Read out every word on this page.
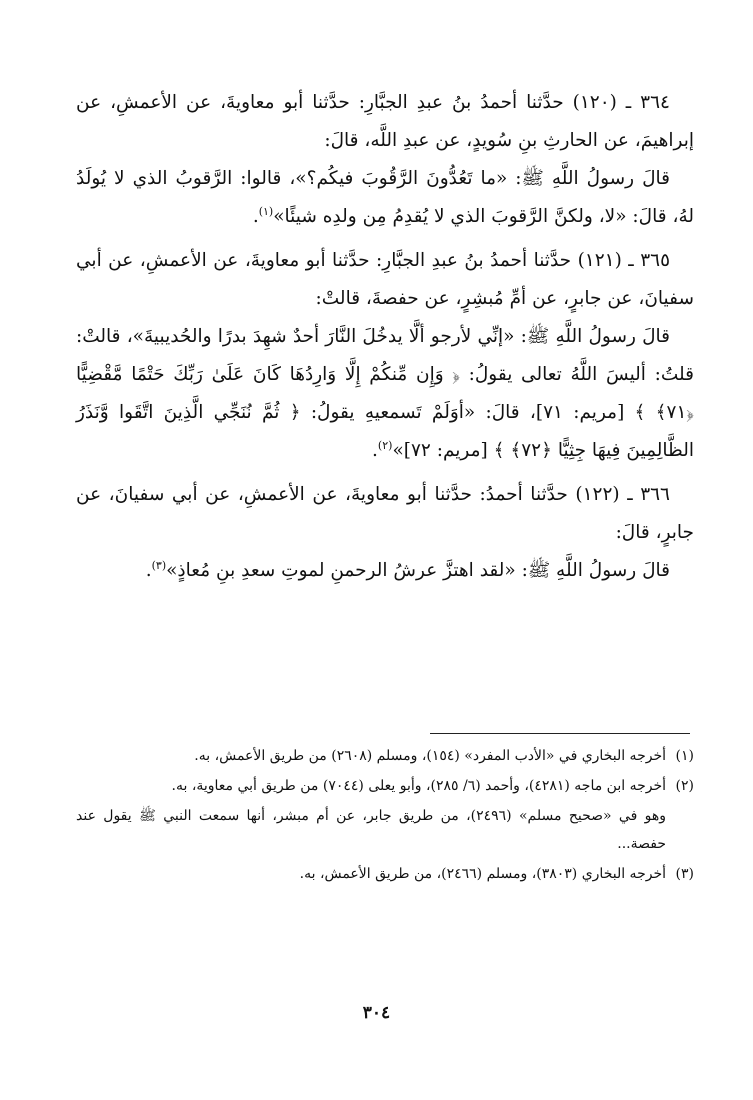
٣٦٤ ـ (١٢٠) حدَّثنا أحمدُ بنُ عبدِ الجبَّارِ: حدَّثنا أبو معاويةَ، عن الأعمشِ، عن إبراهيمَ، عن الحارثِ بنِ سُويدٍ، عن عبدِ اللَّه، قالَ:

قالَ رسولُ اللَّهِ ﷺ: «ما تَعُدُّونَ الرَّقُوبَ فيكُم؟»، قالوا: الرَّقوبُ الذي لا يُولَدُ لهُ، قالَ: «لا، ولكنَّ الرَّقوبَ الذي لا يُقدِمُ مِن ولدِه شيئًا»$^{(١)}$.

٣٦٥ ـ (١٢١) حدَّثنا أحمدُ بنُ عبدِ الجبَّارِ: حدَّثنا أبو معاويةَ، عن الأعمشِ، عن أبي سفيانَ، عن جابرٍ، عن أمِّ مُبشِرٍ، عن حفصةَ، قالتْ:

قالَ رسولُ اللَّهِ ﷺ: «إنِّي لأرجو ألَّا يدخُلَ النَّارَ أحدٌ شهِدَ بدرًا والحُديبيةَ»، قالتْ: قلتُ: أليسَ اللَّهُ تعالى يقولُ: ﴿ وَإِن مِّنكُمْ إِلَّا وَارِدُهَا كَانَ عَلَىٰ رَبِّكَ حَتْمًا مَّقْضِيًّا ﴿٧١﴾ ﴾ [مريم: ٧١]، قالَ: «أوَلَمْ تَسمعيهِ يقولُ: ﴿ ثُمَّ نُنَجِّي الَّذِينَ اتَّقَوا وَّنَذَرُ الظَّالِمِينَ فِيهَا جِثِيًّا ﴿٧٢﴾ ﴾ [مريم: ٧٢]»$^{(٢)}$.

٣٦٦ ـ (١٢٢) حدَّثنا أحمدُ: حدَّثنا أبو معاويةَ، عن الأعمشِ، عن أبي سفيانَ، عن جابرٍ، قالَ:

قالَ رسولُ اللَّهِ ﷺ: «لقد اهتزَّ عرشُ الرحمنِ لموتِ سعدِ بنِ مُعاذٍ»$^{(٣)}$.

(١)
أخرجه البخاري في «الأدب المفرد» (١٥٤)، ومسلم (٢٦٠٨) من طريق الأعمش، به.
(٢)
أخرجه ابن ماجه (٤٢٨١)، وأحمد (٦/ ٢٨٥)، وأبو يعلى (٧٠٤٤) من طريق أبي معاوية، به.
وهو في «صحيح مسلم» (٢٤٩٦)، من طريق جابر، عن أم مبشر، أنها سمعت النبي ﷺ يقول عند حفصة...
(٣)
أخرجه البخاري (٣٨٠٣)، ومسلم (٢٤٦٦)، من طريق الأعمش، به.
٣٠٤
